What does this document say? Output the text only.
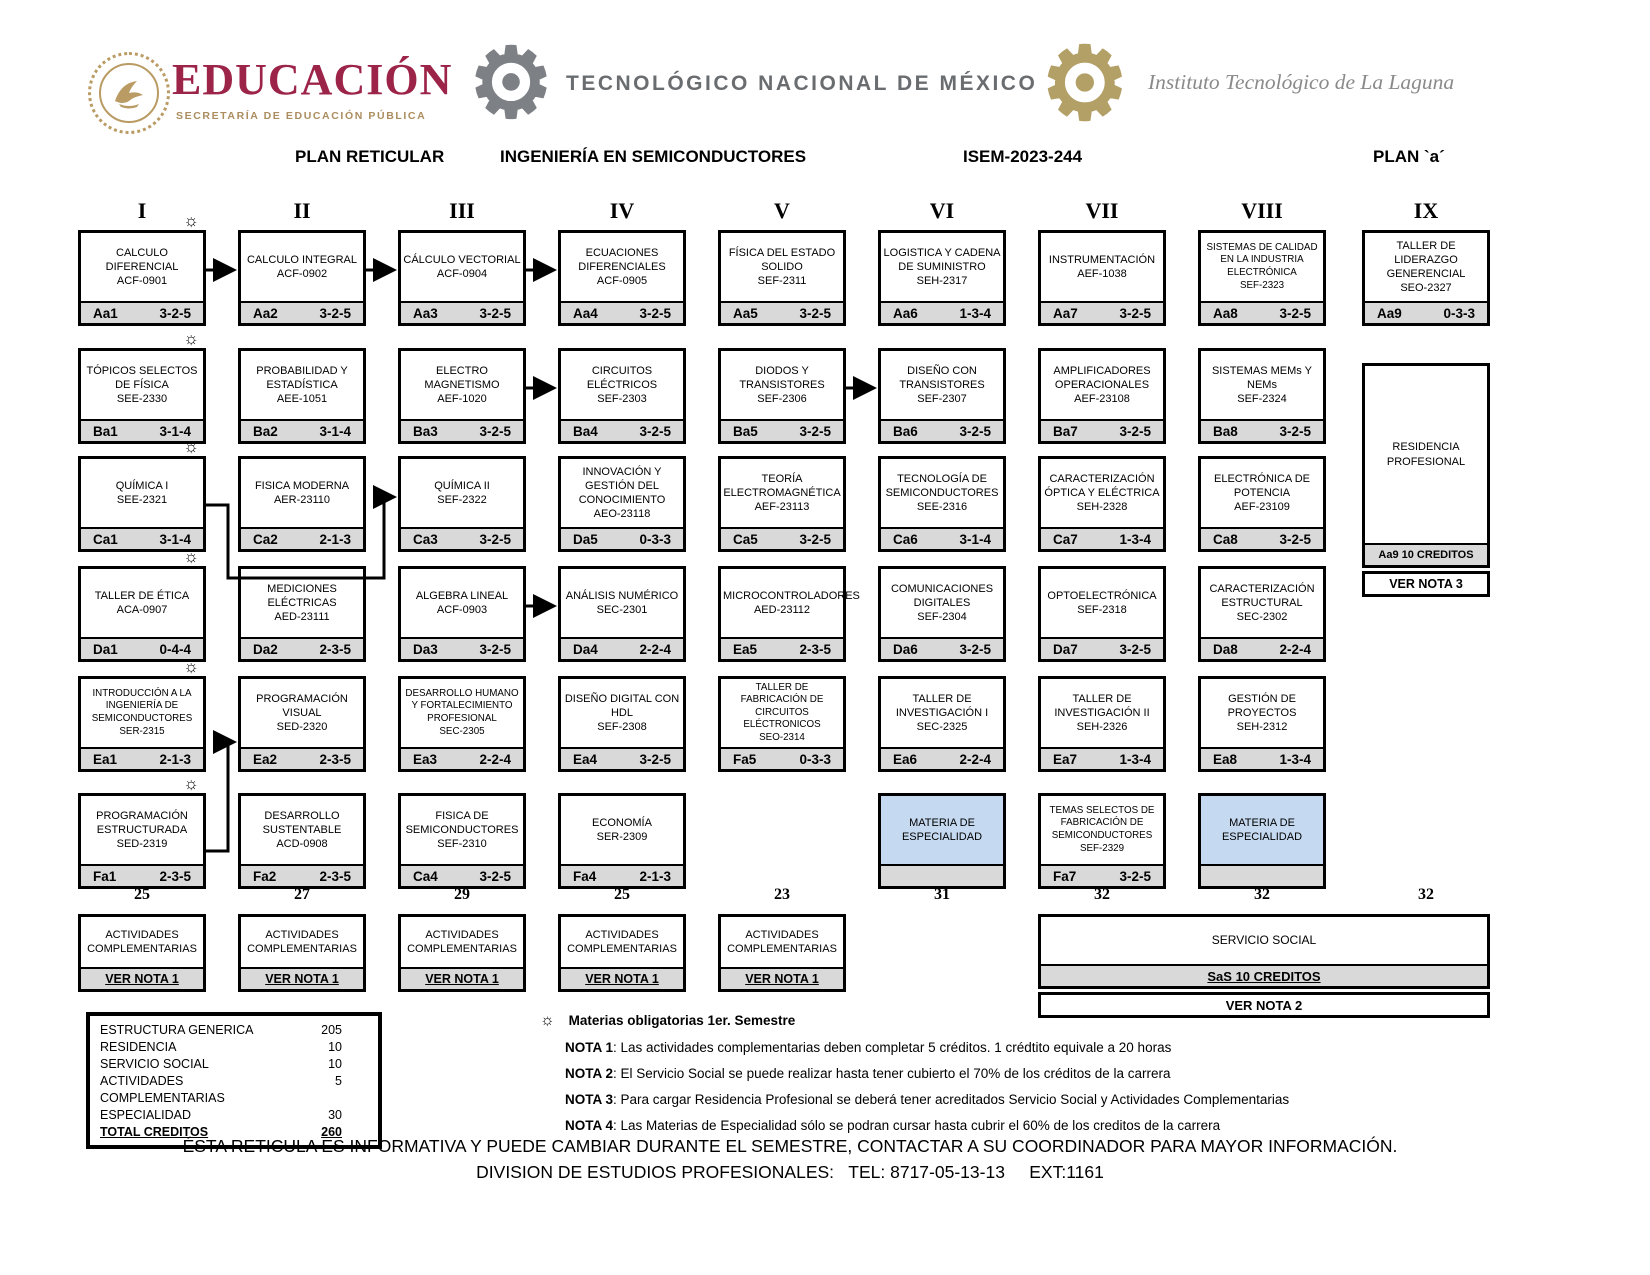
EDUCACIÓN
SECRETARÍA DE EDUCACIÓN PÚBLICA ⚙ TECNOLÓGICO NACIONAL DE MÉXICO ⚙ Instituto Tecnológico de La Laguna
PLAN RETICULAR	INGENIERÍA EN SEMICONDUCTORES	ISEM-2023-244	PLAN `a´
I	II	III	IV	V	VI	VII	VIII	IX
CALCULO DIFERENCIAL
ACF-0901
Aa1	3-2-5
☼
TÓPICOS SELECTOS DE FÍSICA
SEE-2330
Ba1	3-1-4
☼
QUÍMICA I
SEE-2321
Ca1	3-1-4
☼
TALLER DE ÉTICA
ACA-0907
Da1	0-4-4
☼
INTRODUCCIÓN A LA INGENIERÍA DE SEMICONDUCTORES
SER-2315
Ea1	2-1-3
☼
PROGRAMACIÓN ESTRUCTURADA
SED-2319
Fa1	2-3-5
☼
CALCULO INTEGRAL
ACF-0902
Aa2	3-2-5
PROBABILIDAD Y ESTADÍSTICA
AEE-1051
Ba2	3-1-4
FISICA MODERNA
AER-23110
Ca2	2-1-3
MEDICIONES ELÉCTRICAS
AED-23111
Da2	2-3-5
PROGRAMACIÓN VISUAL
SED-2320
Ea2	2-3-5
DESARROLLO SUSTENTABLE
ACD-0908
Fa2	2-3-5
CÁLCULO VECTORIAL
ACF-0904
Aa3	3-2-5
ELECTRO MAGNETISMO
AEF-1020
Ba3	3-2-5
QUÍMICA II
SEF-2322
Ca3	3-2-5
ALGEBRA LINEAL
ACF-0903
Da3	3-2-5
DESARROLLO HUMANO Y FORTALECIMIENTO PROFESIONAL
SEC-2305
Ea3	2-2-4
FISICA DE SEMICONDUCTORES
SEF-2310
Ca4	3-2-5
ECUACIONES DIFERENCIALES
ACF-0905
Aa4	3-2-5
CIRCUITOS ELÉCTRICOS
SEF-2303
Ba4	3-2-5
INNOVACIÓN Y GESTIÓN DEL CONOCIMIENTO
AEO-23118
Da5	0-3-3
ANÁLISIS NUMÉRICO
SEC-2301
Da4	2-2-4
DISEÑO DIGITAL CON HDL
SEF-2308
Ea4	3-2-5
ECONOMÍA
SER-2309
Fa4	2-1-3
FÍSICA DEL ESTADO SOLIDO
SEF-2311
Aa5	3-2-5
DIODOS Y TRANSISTORES
SEF-2306
Ba5	3-2-5
TEORÍA ELECTROMAGNÉTICA
AEF-23113
Ca5	3-2-5
MICROCONTROLADORES
AED-23112
Ea5	2-3-5
TALLER DE FABRICACIÓN DE CIRCUITOS ELÉCTRONICOS
SEO-2314
Fa5	0-3-3
LOGISTICA Y CADENA DE SUMINISTRO
SEH-2317
Aa6	1-3-4
DISEÑO CON TRANSISTORES
SEF-2307
Ba6	3-2-5
TECNOLOGÍA DE SEMICONDUCTORES
SEE-2316
Ca6	3-1-4
COMUNICACIONES DIGITALES
SEF-2304
Da6	3-2-5
TALLER DE INVESTIGACIÓN I
SEC-2325
Ea6	2-2-4
MATERIA DE ESPECIALIDAD
INSTRUMENTACIÓN
AEF-1038
Aa7	3-2-5
AMPLIFICADORES OPERACIONALES
AEF-23108
Ba7	3-2-5
CARACTERIZACIÓN ÓPTICA Y ELÉCTRICA
SEH-2328
Ca7	1-3-4
OPTOELECTRÓNICA
SEF-2318
Da7	3-2-5
TALLER DE INVESTIGACIÓN II
SEH-2326
Ea7	1-3-4
TEMAS SELECTOS DE FABRICACIÓN DE SEMICONDUCTORES
SEF-2329
Fa7	3-2-5
SISTEMAS DE CALIDAD EN LA INDUSTRIA ELECTRÓNICA
SEF-2323
Aa8	3-2-5
SISTEMAS MEMs Y NEMs
SEF-2324
Ba8	3-2-5
ELECTRÓNICA DE POTENCIA
AEF-23109
Ca8	3-2-5
CARACTERIZACIÓN ESTRUCTURAL
SEC-2302
Da8	2-2-4
GESTIÓN DE PROYECTOS
SEH-2312
Ea8	1-3-4
MATERIA DE ESPECIALIDAD
TALLER DE LIDERAZGO GENERENCIAL
SEO-2327
Aa9	0-3-3
25	27	29	25	23	31	32	32	32
ACTIVIDADES COMPLEMENTARIAS
VER NOTA 1
ACTIVIDADES COMPLEMENTARIAS
VER NOTA 1
ACTIVIDADES COMPLEMENTARIAS
VER NOTA 1
ACTIVIDADES COMPLEMENTARIAS
VER NOTA 1
ACTIVIDADES COMPLEMENTARIAS
VER NOTA 1
RESIDENCIA PROFESIONAL
Aa9 10 CREDITOS
VER NOTA 3
SERVICIO SOCIAL
SaS 10 CREDITOS
VER NOTA 2
ESTRUCTURA GENERICA	205
RESIDENCIA	10
SERVICIO SOCIAL	10
ACTIVIDADES COMPLEMENTARIAS
5
ESPECIALIDAD	30
TOTAL CREDITOS	260
☼ Materias obligatorias 1er. Semestre
NOTA 1: Las actividades complementarias deben completar 5 créditos. 1 crédtito equivale a 20 horas
NOTA 2: El Servicio Social se puede realizar hasta tener cubierto el 70% de los créditos de la carrera
NOTA 3: Para cargar Residencia Profesional se deberá tener acreditados Servicio Social y Actividades Complementarias
NOTA 4: Las Materias de Especialidad sólo se podran cursar hasta cubrir el 60% de los creditos de la carrera
ÉSTA RETICULA ES INFORMATIVA Y PUEDE CAMBIAR DURANTE EL SEMESTRE, CONTACTAR A SU COORDINADOR PARA MAYOR INFORMACIÓN.
DIVISION DE ESTUDIOS PROFESIONALES:   TEL: 8717-05-13-13     EXT:1161
